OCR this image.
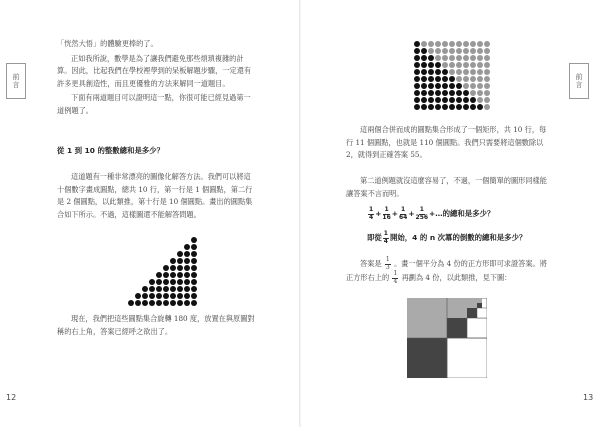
前言

「恍然大悟」的體驗更棒的了。

正如我所說，數學是為了讓我們避免那些煩瑣複雜的計算。因此，比起我們在學校裡學到的呆板解題步驟，一定還有許多更具創造性，而且更優雅的方法來解同一道題目。

下面有兩道題目可以證明這一點，你很可能已經見過第一道例題了。

從 1 到 10 的整數總和是多少？

這道題有一種非常漂亮的圖像化解答方法。我們可以將這十個數字畫成圓點，總共 10 行，第一行是 1 個圓點，第二行是 2 個圓點，以此類推，第十行是 10 個圓點。畫出的圓點集合如下所示。不過，這樣圖還不能解答問題。

現在，我們把這些圓點集合旋轉 180 度，放置在與原圖對稱的右上角，答案已經呼之欲出了。

12
前言

這兩個合併而成的圓點集合形成了一個矩形，共 10 行，每行 11 個圓點，也就是 110 個圓點。我們只需要將這個數除以 2，就得到正確答案 55。

第二道例題就沒這麼容易了，不過，一個簡單的圖形同樣能讓答案不言而明。

1
$4 + \frac{1}{16} + \frac{1}{64} + \frac{1}{256}$ +…的總和是多少？
即從 1
4 開始，4 的 n 次冪的倒數的總和是多少？
答案是 $\frac{1}{3}$ 。畫一個平分為 4 份的正方形即可求證答案。將正方形右上的 $\frac{1}{4}$ 再劃為 4 份，以此類推，見下圖：
13
